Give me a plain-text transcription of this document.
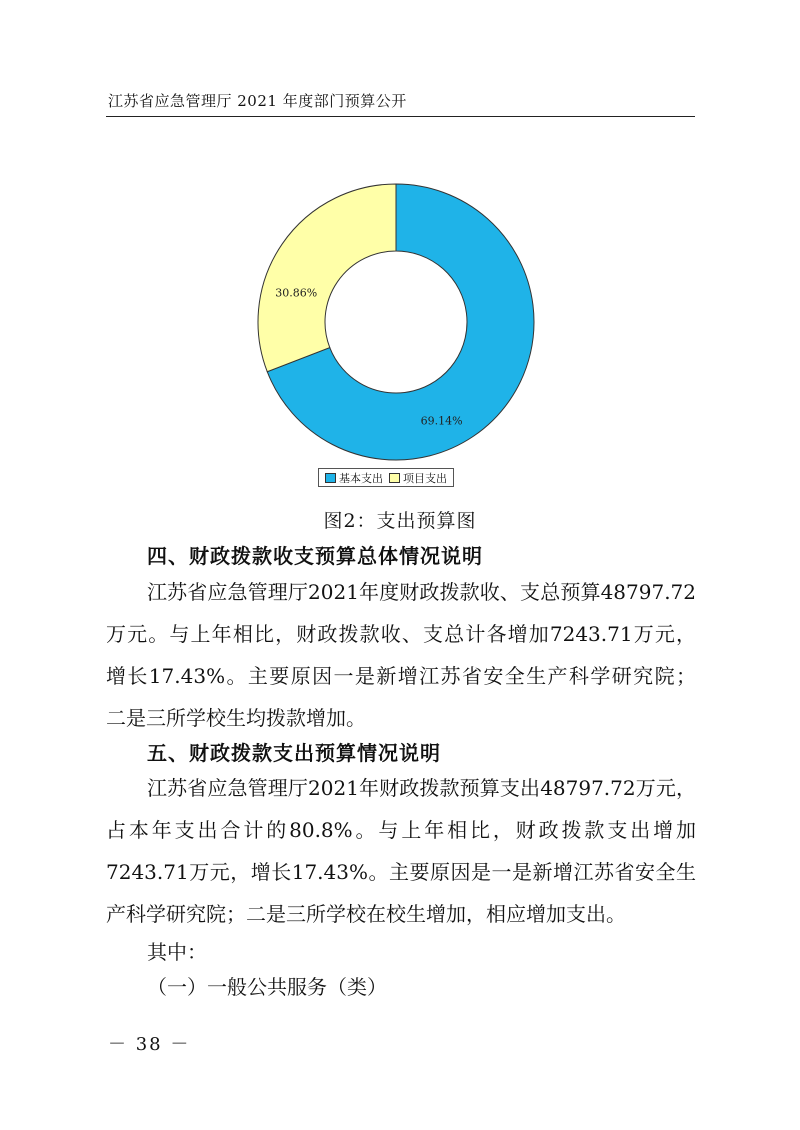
江苏省应急管理厅 2021 年度部门预算公开
69.14%
30.86%
基本支出 项目支出
图2：支出预算图
四、财政拨款收支预算总体情况说明
江苏省应急管理厅2021年度财政拨款收、支总预算48797.72
万元。与上年相比，财政拨款收、支总计各增加7243.71万元，
增长17.43%。主要原因一是新增江苏省安全生产科学研究院；
二是三所学校生均拨款增加。
五、财政拨款支出预算情况说明
江苏省应急管理厅2021年财政拨款预算支出48797.72万元，
占本年支出合计的80.8%。与上年相比，财政拨款支出增加
7243.71万元，增长17.43%。主要原因是一是新增江苏省安全生
产科学研究院；二是三所学校在校生增加，相应增加支出。
其中：
（一）一般公共服务（类）
－ 38 －
